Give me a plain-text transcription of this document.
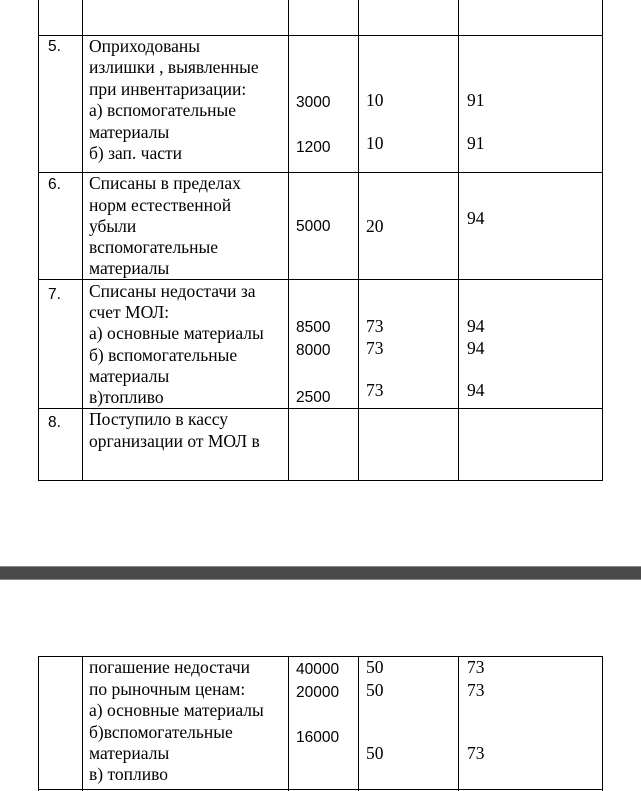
5. Оприходованы
излишки , выявленные
при инвентаризации:
а) вспомогательные
материалы
б) зап. части
3000
1200
10
10
91
91
6. Списаны в пределах
норм естественной
убыли
вспомогательные
материалы
5000 20	94
7. Списаны недостачи за
счет МОЛ:
а) основные материалы
б) вспомогательные
материалы
в)топливо
8500
8000
2500
73
73
73
94
94
94
8. Поступило в кассу
организации от МОЛ в
погашение недостачи
по рыночным ценам:
а) основные материалы
б)вспомогательные
материалы
в) топливо
40000
20000
16000
50
50
50
73
73
73
